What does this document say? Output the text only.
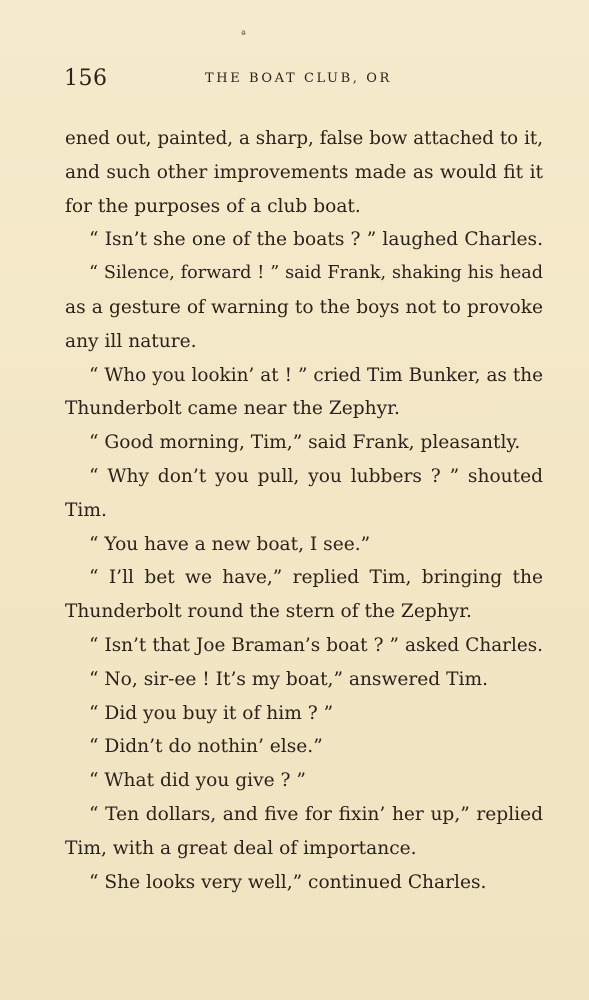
ª
156	THE BOAT CLUB, OR
ened out, painted, a sharp, false bow attached to it,
and such other improvements made as would fit it
for the purposes of a club boat.
“ Isn’t she one of the boats ? ” laughed Charles.
“ Silence, forward ! ” said Frank, shaking his head
as a gesture of warning to the boys not to provoke
any ill nature.
“ Who you lookin’ at ! ” cried Tim Bunker, as the
Thunderbolt came near the Zephyr.
“ Good morning, Tim,” said Frank, pleasantly.
“ Why don’t you pull, you lubbers ? ” shouted
Tim.
“ You have a new boat, I see.”
“ I’ll bet we have,” replied Tim, bringing the
Thunderbolt round the stern of the Zephyr.
“ Isn’t that Joe Braman’s boat ? ” asked Charles.
“ No, sir-ee ! It’s my boat,” answered Tim.
“ Did you buy it of him ? ”
“ Didn’t do nothin’ else.”
“ What did you give ? ”
“ Ten dollars, and five for fixin’ her up,” replied
Tim, with a great deal of importance.
“ She looks very well,” continued Charles.
